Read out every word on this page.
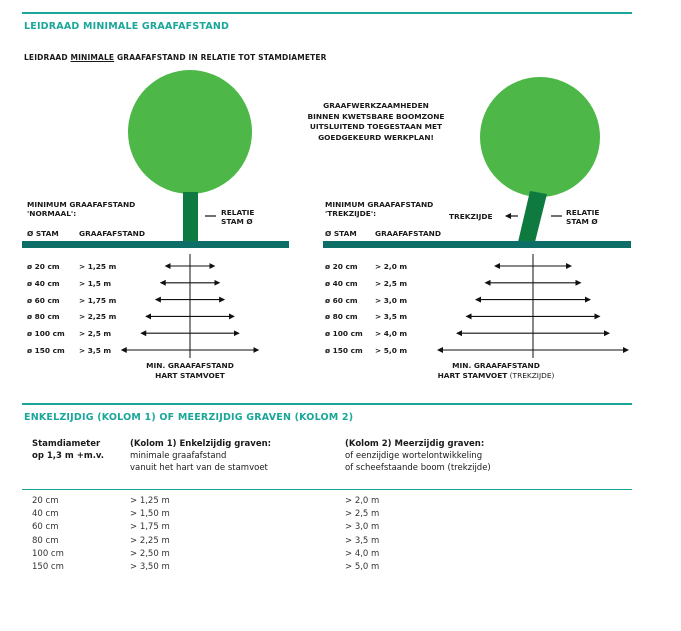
LEIDRAAD MINIMALE GRAAFAFSTAND
LEIDRAAD MINIMALE GRAAFAFSTAND IN RELATIE TOT STAMDIAMETER
MINIMUM GRAAFAFSTAND
'NORMAAL':
Ø STAM	GRAAFAFSTAND
RELATIE
STAM Ø
ø 20 cm	> 1,25 m
ø 40 cm	> 1,5 m
ø 60 cm	> 1,75 m
ø 80 cm	> 2,25 m
ø 100 cm > 2,5 m
ø 150 cm > 3,5 m
MIN. GRAAFAFSTAND
HART STAMVOET
GRAAFWERKZAAMHEDEN
BINNEN KWETSBARE BOOMZONE
UITSLUITEND TOEGESTAAN MET
GOEDGEKEURD WERKPLAN!
MINIMUM GRAAFAFSTAND
'TREKZIJDE':	TREKZIJDE	RELATIE
STAM Ø
Ø STAM GRAAFAFSTAND
ø 20 cm > 2,0 m
ø 40 cm > 2,5 m
ø 60 cm > 3,0 m
ø 80 cm > 3,5 m
ø 100 cm > 4,0 m
ø 150 cm > 5,0 m
MIN. GRAAFAFSTAND
HART STAMVOET (TREKZIJDE)
ENKELZIJDIG (KOLOM 1) OF MEERZIJDIG GRAVEN (KOLOM 2)
Stamdiameter
op 1,3 m +m.v.
(Kolom 1) Enkelzijdig graven:
minimale graafafstand
vanuit het hart van de stamvoet
(Kolom 2) Meerzijdig graven:
of eenzijdige wortelontwikkeling
of scheefstaande boom (trekzijde)
20 cm	> 1,25 m	> 2,0 m
40 cm	> 1,50 m	> 2,5 m
60 cm	> 1,75 m	> 3,0 m
80 cm	> 2,25 m	> 3,5 m
100 cm	> 2,50 m	> 4,0 m
150 cm	> 3,50 m	> 5,0 m
